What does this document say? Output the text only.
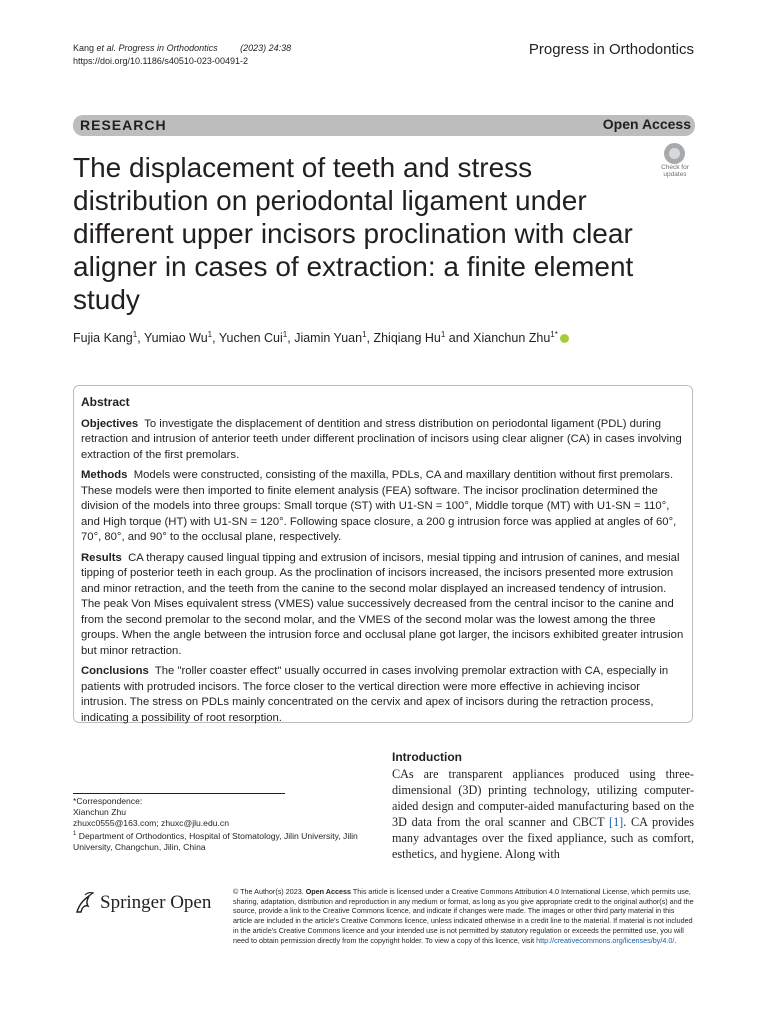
Kang et al. Progress in Orthodontics	(2023) 24:38
https://doi.org/10.1186/s40510-023-00491-2
Progress in Orthodontics
RESEARCH	Open Access
The displacement of teeth and stress distribution on periodontal ligament under different upper incisors proclination with clear aligner in cases of extraction: a finite element study
Check for
updates
Fujia Kang$^1$, Yumiao Wu$^1$, Yuchen Cui$^1$, Jiamin Yuan$^1$, Zhiqiang Hu$^1$ and Xianchun Zhu$^{1*}$
Abstract

Objectives To investigate the displacement of dentition and stress distribution on periodontal ligament (PDL) during retraction and intrusion of anterior teeth under different proclination of incisors using clear aligner (CA) in cases involving extraction of the first premolars.

Methods Models were constructed, consisting of the maxilla, PDLs, CA and maxillary dentition without first premolars. These models were then imported to finite element analysis (FEA) software. The incisor proclination determined the division of the models into three groups: Small torque (ST) with U1-SN = 100°, Middle torque (MT) with U1-SN = 110°, and High torque (HT) with U1-SN = 120°. Following space closure, a 200 g intrusion force was applied at angles of 60°, 70°, 80°, and 90° to the occlusal plane, respectively.

Results CA therapy caused lingual tipping and extrusion of incisors, mesial tipping and intrusion of canines, and mesial tipping of posterior teeth in each group. As the proclination of incisors increased, the incisors presented more extrusion and minor retraction, and the teeth from the canine to the second molar displayed an increased tendency of intrusion. The peak Von Mises equivalent stress (VMES) value successively decreased from the central incisor to the canine and from the second premolar to the second molar, and the VMES of the second molar was the lowest among the three groups. When the angle between the intrusion force and occlusal plane got larger, the incisors exhibited greater intrusion but minor retraction.

Conclusions The "roller coaster effect" usually occurred in cases involving premolar extraction with CA, especially in patients with protruded incisors. The force closer to the vertical direction were more effective in achieving incisor intrusion. The stress on PDLs mainly concentrated on the cervix and apex of incisors during the retraction process, indicating a possibility of root resorption.

Introduction
CAs are transparent appliances produced using three-dimensional (3D) printing technology, utilizing computer-aided design and computer-aided manufacturing based on the 3D data from the oral scanner and CBCT [1]. CA provides many advantages over the fixed appliance, such as comfort, esthetics, and hygiene. Along with
*Correspondence:
Xianchun Zhu
zhuxc0555@163.com; zhuxc@jlu.edu.cn
$^1$ Department of Orthodontics, Hospital of Stomatology, Jilin University, Jilin University, Changchun, Jilin, China
Springer Open
© The Author(s) 2023. Open Access This article is licensed under a Creative Commons Attribution 4.0 International License, which permits use, sharing, adaptation, distribution and reproduction in any medium or format, as long as you give appropriate credit to the original author(s) and the source, provide a link to the Creative Commons licence, and indicate if changes were made. The images or other third party material in this article are included in the article's Creative Commons licence, unless indicated otherwise in a credit line to the material. If material is not included in the article's Creative Commons licence and your intended use is not permitted by statutory regulation or exceeds the permitted use, you will need to obtain permission directly from the copyright holder. To view a copy of this licence, visit http://creativecommons.org/licenses/by/4.0/.
